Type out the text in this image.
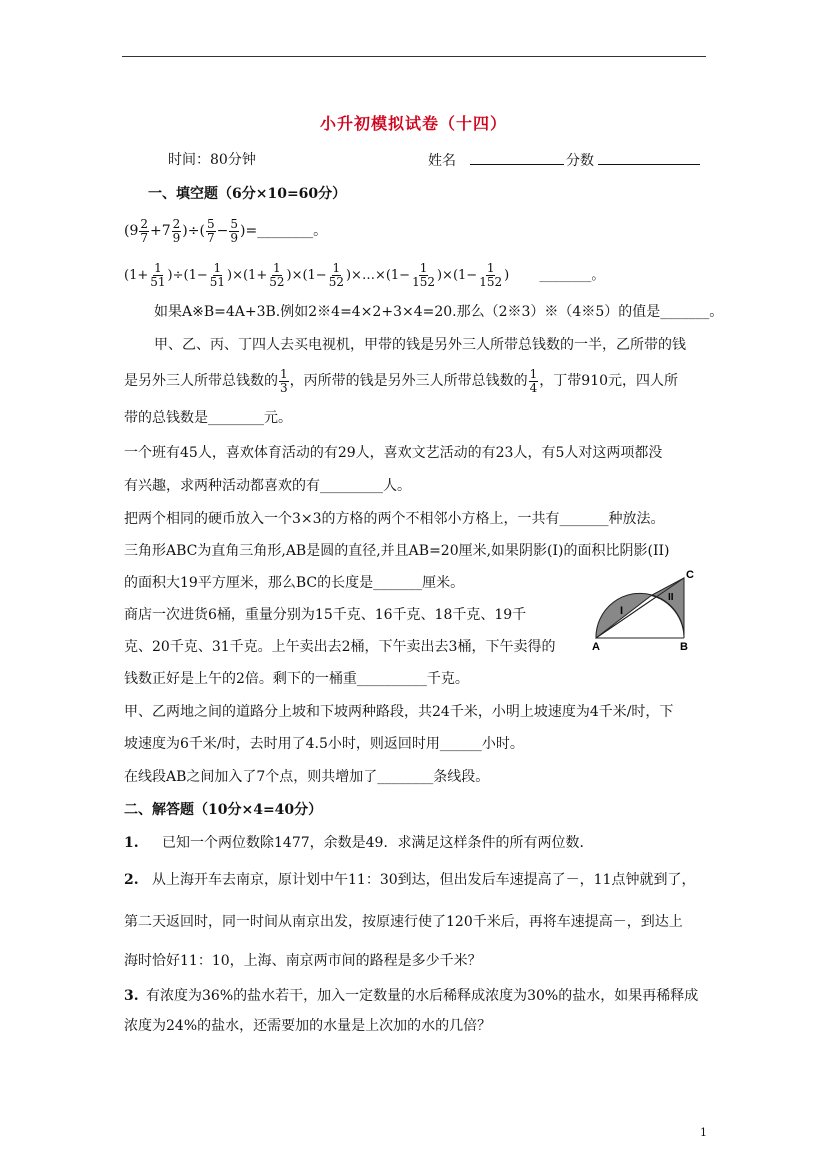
小升初模拟试卷（十四）
时间：80分钟	姓名	分数
一、填空题（6分×10=60分）
($9 \frac{2}{7} +7 \frac{2}{9}$ )÷( $\frac{5}{7} - \frac{5}{9}$ )=________。
$(1+ \frac{1}{51} )\div(1- \frac{1}{51} )\times(1+ \frac{1}{52} )\times(1- \frac{1}{52}$ )×…×(1− $\frac{1}{152} )\times(1- \frac{1}{152}$ ) ________。
如果A※B=4A+3B.例如2※4=4×2+3×4=20.那么（2※3）※（4※5）的值是_______。
甲、乙、丙、丁四人去买电视机，甲带的钱是另外三人所带总钱数的一半，乙所带的钱
是另外三人所带总钱数的 $\frac{1}{3}$ ，丙所带的钱是另外三人所带总钱数的 $\frac{1}{4}$ ，丁带910元，四人所
带的总钱数是________元。
一个班有45人，喜欢体育活动的有29人，喜欢文艺活动的有23人，有5人对这两项都没
有兴趣，求两种活动都喜欢的有_________人。
把两个相同的硬币放入一个3×3的方格的两个不相邻小方格上，一共有_______种放法。
三角形ABC为直角三角形,AB是圆的直径,并且AB=20厘米,如果阴影(I)的面积比阴影(II)
的面积大19平方厘米，那么BC的长度是_______厘米。
商店一次进货6桶，重量分别为15千克、16千克、18千克、19千
克、20千克、31千克。上午卖出去2桶，下午卖出去3桶，下午卖得的
钱数正好是上午的2倍。剩下的一桶重__________千克。
A	B
C
I
II
甲、乙两地之间的道路分上坡和下坡两种路段，共24千米，小明上坡速度为4千米/时，下
坡速度为6千米/时，去时用了4.5小时，则返回时用______小时。
在线段AB之间加入了7个点，则共增加了________条线段。
二、解答题（10分×4=40分）
1. 已知一个两位数除1477，余数是49．求满足这样条件的所有两位数．
2. 从上海开车去南京，原计划中午11：30到达，但出发后车速提高了－，11点钟就到了，
第二天返回时，同一时间从南京出发，按原速行使了120千米后，再将车速提高－，到达上
海时恰好11：10，上海、南京两市间的路程是多少千米？
3. 有浓度为36%的盐水若干，加入一定数量的水后稀释成浓度为30%的盐水，如果再稀释成
浓度为24%的盐水，还需要加的水量是上次加的水的几倍？
1
